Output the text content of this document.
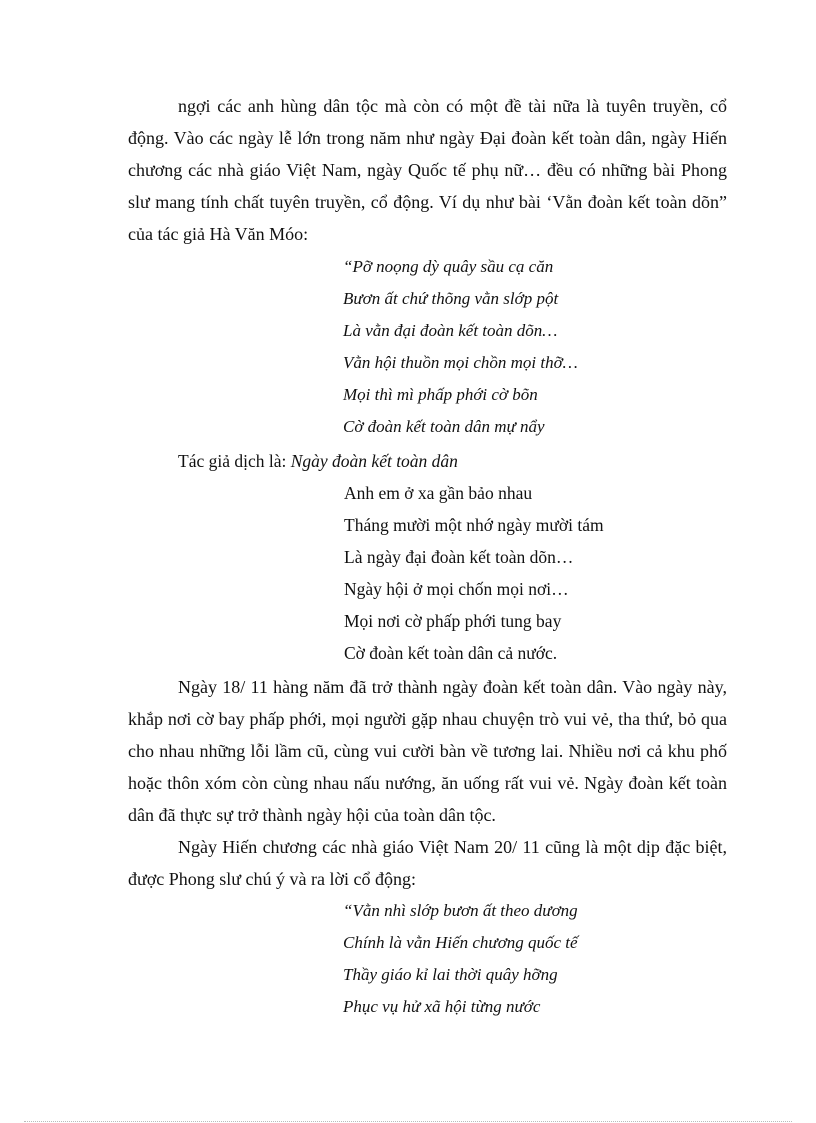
ngợi các anh hùng dân tộc mà còn có một đề tài nữa là tuyên truyền, cổ động. Vào các ngày lễ lớn trong năm như ngày Đại đoàn kết toàn dân, ngày Hiến chương các nhà giáo Việt Nam, ngày Quốc tế phụ nữ… đều có những bài Phong slư mang tính chất tuyên truyền, cổ động. Ví dụ như bài ‘Vằn đoàn kết toàn dõn” của tác giả Hà Văn Móo:

“Pỡ noọng dỳ quây sầu cạ căn
Bươn ất chứ thõng vằn slớp pột
Là vằn đại đoàn kết toàn dõn…
Vằn hội thuồn mọi chồn mọi thỡ…
Mọi thì mì phấp phới cờ bõn
Cờ đoàn kết toàn dân mự nẩy

Tác giả dịch là: Ngày đoàn kết toàn dân

Anh em ở xa gần bảo nhau
Tháng mười một nhớ ngày mười tám
Là ngày đại đoàn kết toàn dõn…
Ngày hội ở mọi chốn mọi nơi…
Mọi nơi cờ phấp phới tung bay
Cờ đoàn kết toàn dân cả nước.

Ngày 18/ 11 hàng năm đã trở thành ngày đoàn kết toàn dân. Vào ngày này, khắp nơi cờ bay phấp phới, mọi người gặp nhau chuyện trò vui vẻ, tha thứ, bỏ qua cho nhau những lỗi lầm cũ, cùng vui cười bàn về tương lai. Nhiều nơi cả khu phố hoặc thôn xóm còn cùng nhau nấu nướng, ăn uống rất vui vẻ. Ngày đoàn kết toàn dân đã thực sự trở thành ngày hội của toàn dân tộc.

Ngày Hiến chương các nhà giáo Việt Nam 20/ 11 cũng là một dịp đặc biệt, được Phong slư chú ý và ra lời cổ động:

“Vằn nhì slớp bươn ất theo dương
Chính là vằn Hiến chương quốc tế
Thầy giáo kỉ lai thời quây hỡng
Phục vụ hử xã hội từng nước
